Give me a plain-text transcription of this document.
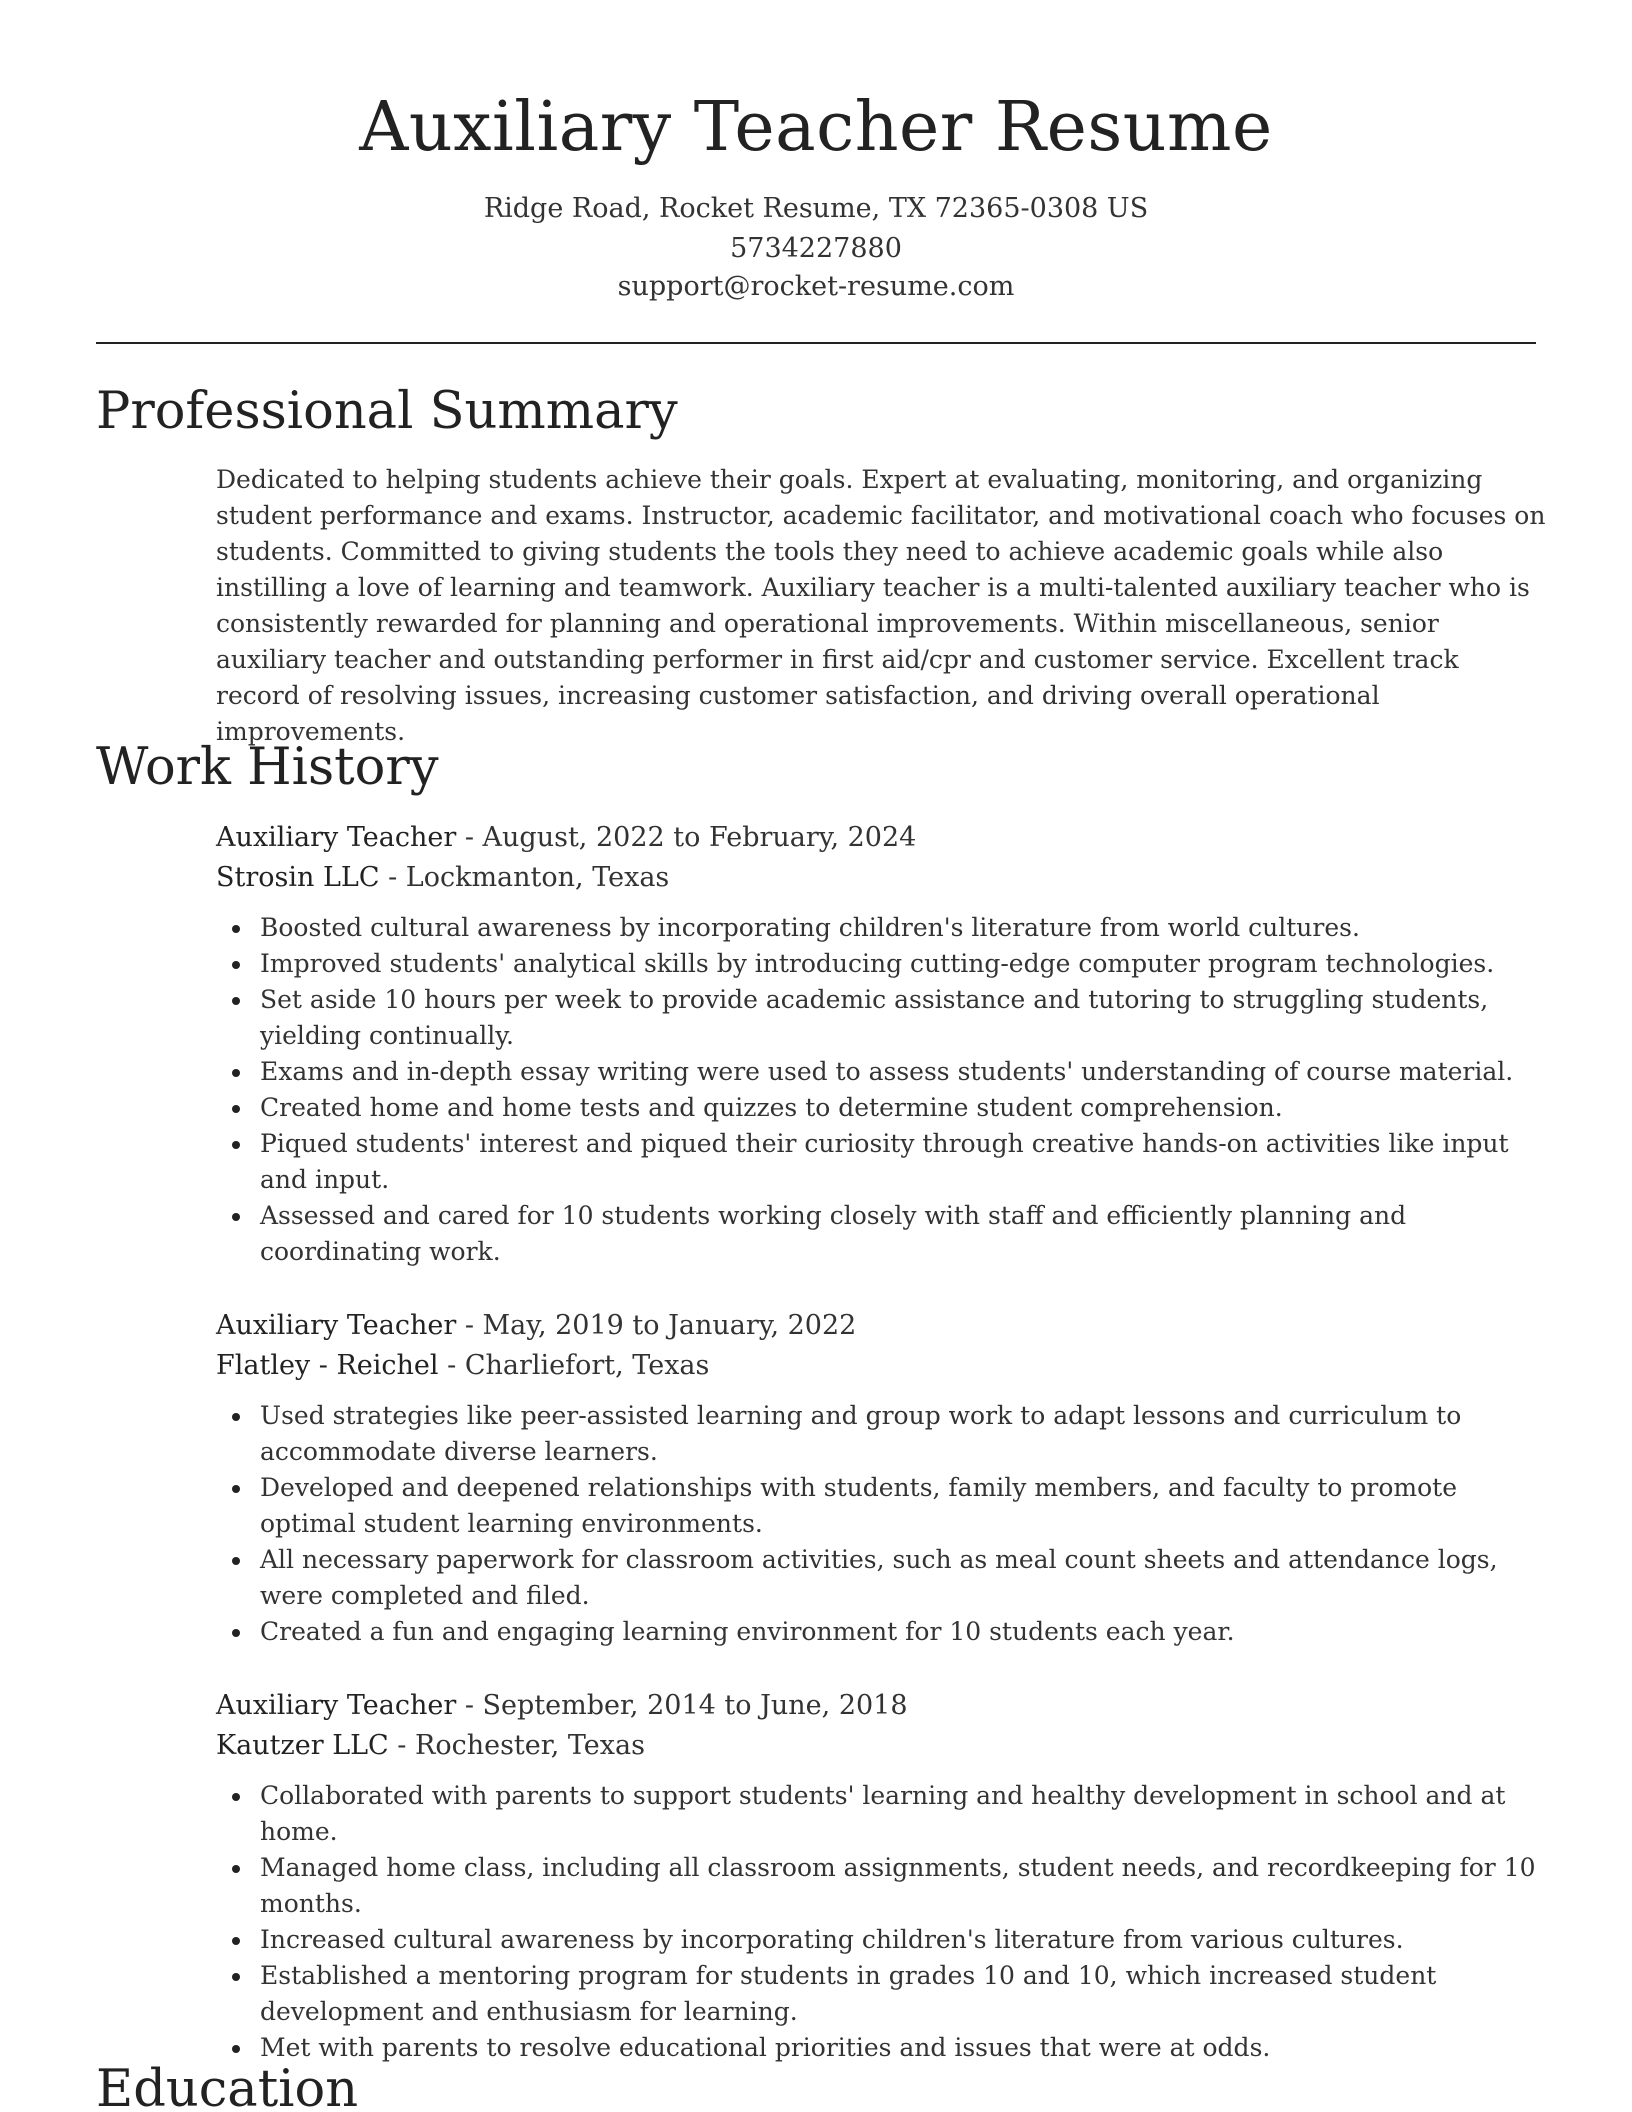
Auxiliary Teacher Resume
Ridge Road, Rocket Resume, TX 72365-0308 US
5734227880
support@rocket-resume.com
Professional Summary

Dedicated to helping students achieve their goals. Expert at evaluating, monitoring, and organizing student performance and exams. Instructor, academic facilitator, and motivational coach who focuses on students. Committed to giving students the tools they need to achieve academic goals while also instilling a love of learning and teamwork. Auxiliary teacher is a multi-talented auxiliary teacher who is consistently rewarded for planning and operational improvements. Within miscellaneous, senior auxiliary teacher and outstanding performer in first aid/cpr and customer service. Excellent track record of resolving issues, increasing customer satisfaction, and driving overall operational improvements.

Work History
Auxiliary Teacher - August, 2022 to February, 2024
Strosin LLC - Lockmanton, Texas
Boosted cultural awareness by incorporating children's literature from world cultures.
Improved students' analytical skills by introducing cutting-edge computer program technologies.
Set aside 10 hours per week to provide academic assistance and tutoring to struggling students, yielding continually.
Exams and in-depth essay writing were used to assess students' understanding of course material.
Created home and home tests and quizzes to determine student comprehension.
Piqued students' interest and piqued their curiosity through creative hands-on activities like input and input.
Assessed and cared for 10 students working closely with staff and efficiently planning and coordinating work.
Auxiliary Teacher - May, 2019 to January, 2022
Flatley - Reichel - Charliefort, Texas
Used strategies like peer-assisted learning and group work to adapt lessons and curriculum to accommodate diverse learners.
Developed and deepened relationships with students, family members, and faculty to promote optimal student learning environments.
All necessary paperwork for classroom activities, such as meal count sheets and attendance logs, were completed and filed.
Created a fun and engaging learning environment for 10 students each year.
Auxiliary Teacher - September, 2014 to June, 2018
Kautzer LLC - Rochester, Texas
Collaborated with parents to support students' learning and healthy development in school and at home.
Managed home class, including all classroom assignments, student needs, and recordkeeping for 10 months.
Increased cultural awareness by incorporating children's literature from various cultures.
Established a mentoring program for students in grades 10 and 10, which increased student development and enthusiasm for learning.
Met with parents to resolve educational priorities and issues that were at odds.
Education
